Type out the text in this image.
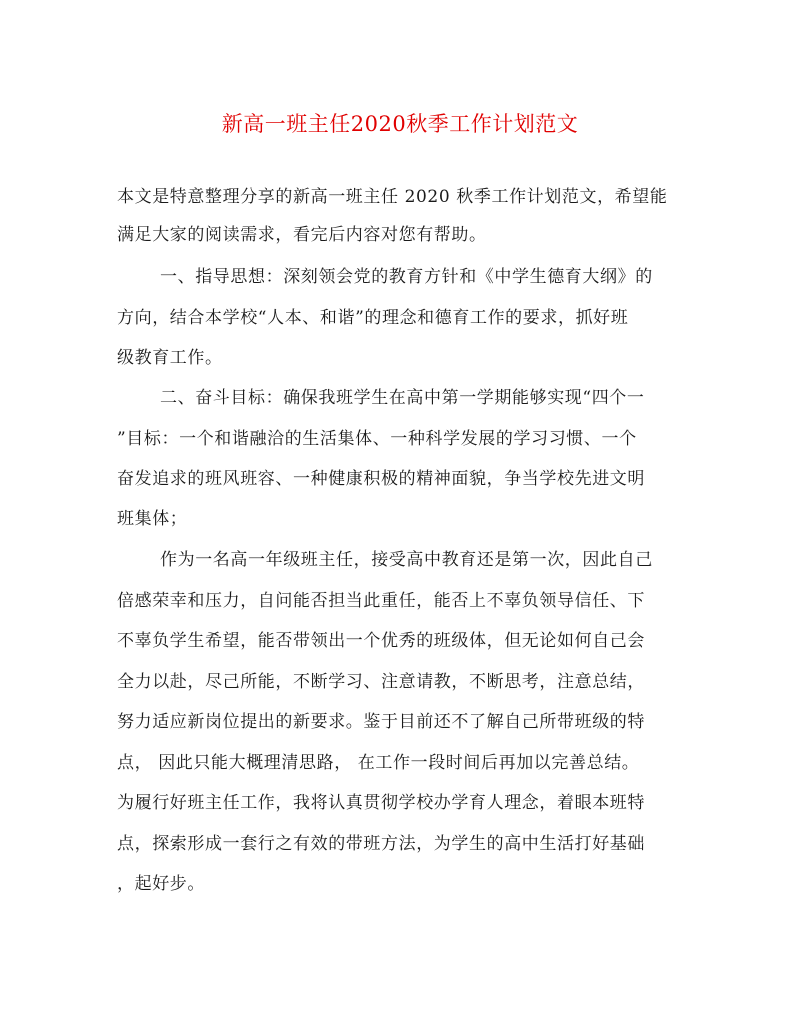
新高一班主任2020秋季工作计划范文

本文是特意整理分享的新高一班主任 2020 秋季工作计划范文，希望能

满足大家的阅读需求，看完后内容对您有帮助。

一、指导思想：深刻领会党的教育方针和《中学生德育大纲》的

方向，结合本学校“人本、和谐”的理念和德育工作的要求，抓好班

级教育工作。

二、奋斗目标：确保我班学生在高中第一学期能够实现“四个一

”目标：一个和谐融洽的生活集体、一种科学发展的学习习惯、一个

奋发追求的班风班容、一种健康积极的精神面貌，争当学校先进文明

班集体；

作为一名高一年级班主任，接受高中教育还是第一次，因此自己

倍感荣幸和压力，自问能否担当此重任，能否上不辜负领导信任、下

不辜负学生希望，能否带领出一个优秀的班级体，但无论如何自己会

全力以赴，尽己所能，不断学习、注意请教，不断思考，注意总结，

努力适应新岗位提出的新要求。鉴于目前还不了解自己所带班级的特

点， 因此只能大概理清思路， 在工作一段时间后再加以完善总结。

为履行好班主任工作，我将认真贯彻学校办学育人理念，着眼本班特

点，探索形成一套行之有效的带班方法，为学生的高中生活打好基础

，起好步。
